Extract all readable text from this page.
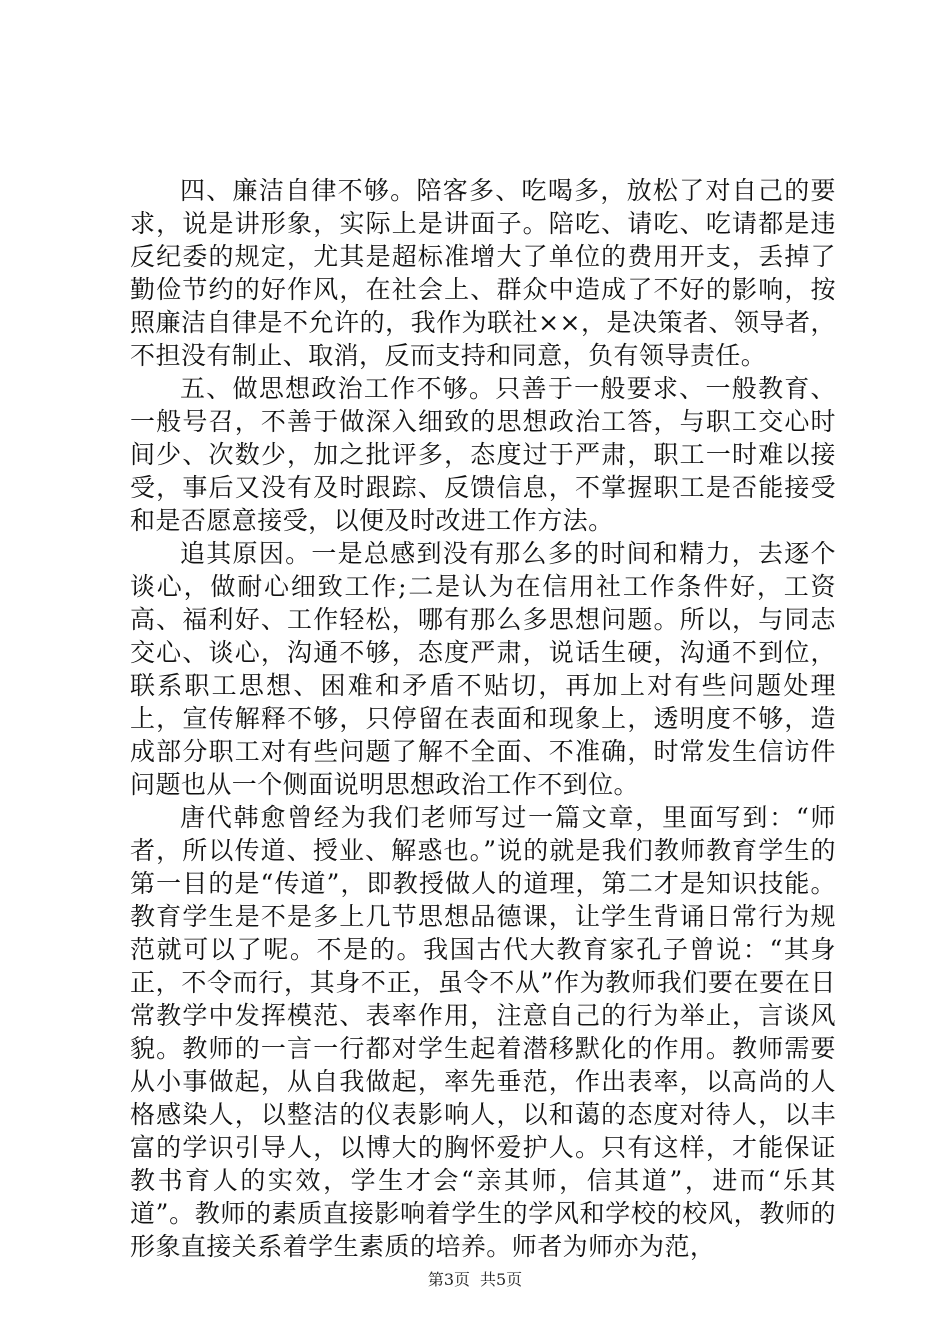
四、廉洁自律不够。陪客多、吃喝多，放松了对自己的要求，说是讲形象，实际上是讲面子。陪吃、请吃、吃请都是违反纪委的规定，尤其是超标准增大了单位的费用开支，丢掉了勤俭节约的好作风，在社会上、群众中造成了不好的影响，按照廉洁自律是不允许的，我作为联社××，是决策者、领导者，不担没有制止、取消，反而支持和同意，负有领导责任。

五、做思想政治工作不够。只善于一般要求、一般教育、一般号召，不善于做深入细致的思想政治工答，与职工交心时间少、次数少，加之批评多，态度过于严肃，职工一时难以接受，事后又没有及时跟踪、反馈信息，不掌握职工是否能接受和是否愿意接受，以便及时改进工作方法。

追其原因。一是总感到没有那么多的时间和精力，去逐个谈心，做耐心细致工作;二是认为在信用社工作条件好，工资高、福利好、工作轻松，哪有那么多思想问题。所以，与同志交心、谈心，沟通不够，态度严肃，说话生硬，沟通不到位，联系职工思想、困难和矛盾不贴切，再加上对有些问题处理上，宣传解释不够，只停留在表面和现象上，透明度不够，造成部分职工对有些问题了解不全面、不准确，时常发生信访件问题也从一个侧面说明思想政治工作不到位。

唐代韩愈曾经为我们老师写过一篇文章，里面写到：“师者，所以传道、授业、解惑也。”说的就是我们教师教育学生的第一目的是“传道”，即教授做人的道理，第二才是知识技能。教育学生是不是多上几节思想品德课，让学生背诵日常行为规范就可以了呢。不是的。我国古代大教育家孔子曾说：“其身正，不令而行，其身不正，虽令不从”作为教师我们要在要在日常教学中发挥模范、表率作用，注意自己的行为举止，言谈风貌。教师的一言一行都对学生起着潜移默化的作用。教师需要从小事做起，从自我做起，率先垂范，作出表率，以高尚的人格感染人，以整洁的仪表影响人，以和蔼的态度对待人，以丰富的学识引导人，以博大的胸怀爱护人。只有这样，才能保证教书育人的实效，学生才会“亲其师，信其道”，进而“乐其道”。教师的素质直接影响着学生的学风和学校的校风，教师的形象直接关系着学生素质的培养。师者为师亦为范，

第3页 共5页
